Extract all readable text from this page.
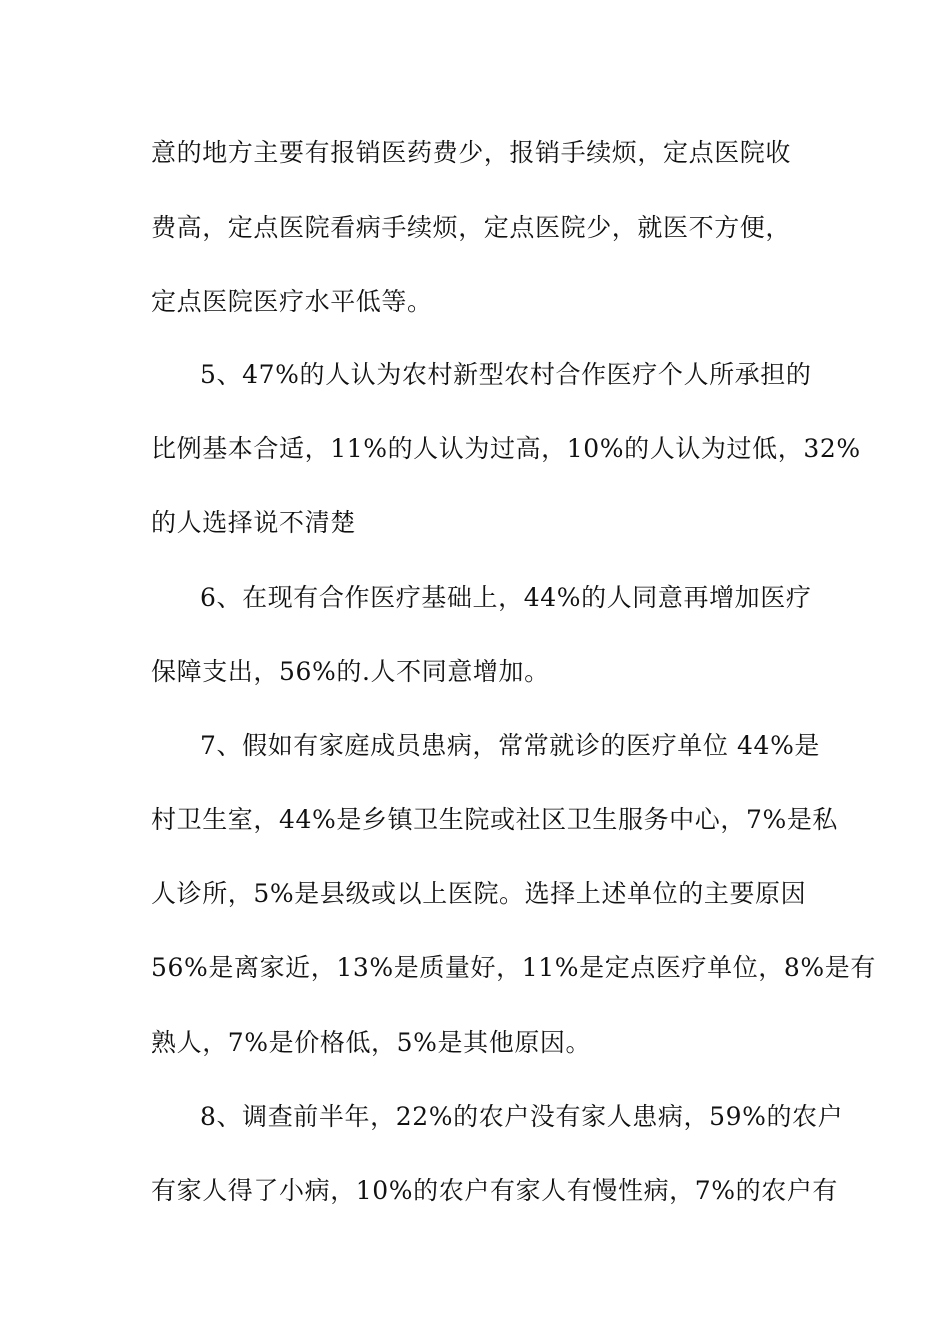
意的地方主要有报销医药费少，报销手续烦，定点医院收
费高，定点医院看病手续烦，定点医院少，就医不方便，
定点医院医疗水平低等。
5、47%的人认为农村新型农村合作医疗个人所承担的
比例基本合适，11%的人认为过高，10%的人认为过低，32%
的人选择说不清楚
6、在现有合作医疗基础上，44%的人同意再增加医疗
保障支出，56%的.人不同意增加。
7、假如有家庭成员患病，常常就诊的医疗单位 44%是
村卫生室，44%是乡镇卫生院或社区卫生服务中心，7%是私
人诊所，5%是县级或以上医院。选择上述单位的主要原因
56%是离家近，13%是质量好，11%是定点医疗单位，8%是有
熟人，7%是价格低，5%是其他原因。
8、调查前半年，22%的农户没有家人患病，59%的农户
有家人得了小病，10%的农户有家人有慢性病，7%的农户有
